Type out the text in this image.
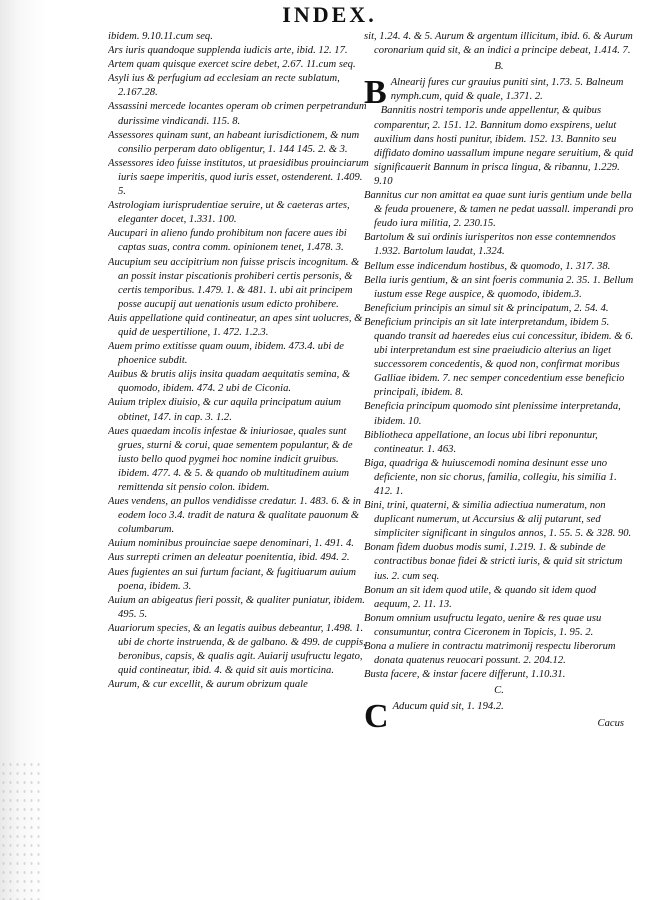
INDEX.

ibidem. 9.10.11.cum seq.

Ars iuris quandoque supplenda iudicis arte, ibid. 12. 17.

Artem quam quisque exercet scire debet, 2.67. 11.cum seq.

Asyli ius & perfugium ad ecclesiam an recte sublatum, 2.167.28.

Assassini mercede locantes operam ob crimen perpetrandum durissime vindicandi. 115. 8.

Assessores quinam sunt, an habeant iurisdictionem, & num consilio perperam dato obligentur, 1. 144 145. 2. & 3.

Assessores ideo fuisse institutos, ut praesidibus prouinciarum iuris saepe imperitis, quod iuris esset, ostenderent. 1.409. 5.

Astrologiam iurisprudentiae seruire, ut & caeteras artes, eleganter docet, 1.331. 100.

Aucupari in alieno fundo prohibitum non facere aues ibi captas suas, contra comm. opinionem tenet, 1.478. 3.

Aucupium seu accipitrium non fuisse priscis incognitum. & an possit instar piscationis prohiberi certis personis, & certis temporibus. 1.479. 1. & 481. 1. ubi ait principem posse aucupij aut uenationis usum edicto prohibere.

Auis appellatione quid contineatur, an apes sint uolucres, & quid de uespertilione, 1. 472. 1.2.3.

Auem primo extitisse quam ouum, ibidem. 473.4. ubi de phoenice subdit.

Auibus & brutis alijs insita quadam aequitatis semina, & quomodo, ibidem. 474. 2 ubi de Ciconia.

Auium triplex diuisio, & cur aquila principatum auium obtinet, 147. in cap. 3. 1.2.

Aues quaedam incolis infestae & iniuriosae, quales sunt grues, sturni & corui, quae sementem populantur, & de iusto bello quod pygmei hoc nomine indicit gruibus. ibidem. 477. 4. & 5. & quando ob multitudinem auium remittenda sit pensio colon. ibidem.

Aues vendens, an pullos vendidisse credatur. 1. 483. 6. & in eodem loco 3.4. tradit de natura & qualitate pauonum & columbarum.

Auium nominibus prouinciae saepe denominari, 1. 491. 4.

Aus surrepti crimen an deleatur poenitentia, ibid. 494. 2.

Aues fugientes an sui furtum faciant, & fugitiuarum auium poena, ibidem. 3.

Auium an abigeatus fieri possit, & qualiter puniatur, ibidem. 495. 5.

Auariorum species, & an legatis auibus debeantur, 1.498. 1. ubi de chorte instruenda, & de galbano. & 499. de cuppis, beronibus, capsis, & qualis agit. Auiarij usufructu legato, quid contineatur, ibid. 4. & quid sit auis morticina.

Aurum, & cur excellit, & aurum obrizum quale

sit, 1.24. 4. & 5. Aurum & argentum illicitum, ibid. 6. & Aurum coronarium quid sit, & an indici a principe debeat, 1.414. 7.

B.

B Alnearij fures cur grauius puniti sint, 1.73. 5. Balneum nymph.cum, quid & quale, 1.371. 2.

Bannitis nostri temporis unde appellentur, & quibus comparentur, 2. 151. 12. Bannitum domo exspirens, uelut auxilium dans hosti punitur, ibidem. 152. 13. Bannito seu diffidato domino uassallum impune negare seruitium, & quid significauerit Bannum in prisca lingua, & ribannu, 1.229. 9.10

Bannitus cur non amittat ea quae sunt iuris gentium unde bella & feuda prouenere, & tamen ne pedat uassall. imperandi pro feudo iura militia, 2. 230.15.

Bartolum & sui ordinis iurisperitos non esse contemnendos 1.932. Bartolum laudat, 1.324.

Bellum esse indicendum hostibus, & quomodo, 1. 317. 38.

Bella iuris gentium, & an sint foeris communia 2. 35. 1. Bellum iustum esse Rege auspice, & quomodo, ibidem.3.

Beneficium principis an simul sit & principatum, 2. 54. 4.

Beneficium principis an sit late interpretandum, ibidem 5. quando transit ad haeredes eius cui concessitur, ibidem. & 6. ubi interpretandum est sine praeiudicio alterius an liget successorem concedentis, & quod non, confirmat moribus Galliae ibidem. 7. nec semper concedentium esse beneficio principali, ibidem. 8.

Beneficia principum quomodo sint plenissime interpretanda, ibidem. 10.

Bibliotheca appellatione, an locus ubi libri reponuntur, contineatur. 1. 463.

Biga, quadriga & huiuscemodi nomina desinunt esse uno deficiente, non sic chorus, familia, collegiu, his similia 1. 412. 1.

Bini, trini, quaterni, & similia adiectiua numeratum, non duplicant numerum, ut Accursius & alij putarunt, sed simpliciter significant in singulos annos, 1. 55. 5. & 328. 90.

Bonam fidem duobus modis sumi, 1.219. 1. & subinde de contractibus bonae fidei & stricti iuris, & quid sit strictum ius. 2. cum seq.

Bonum an sit idem quod utile, & quando sit idem quod aequum, 2. 11. 13.

Bonum omnium usufructu legato, uenire & res quae usu consumuntur, contra Ciceronem in Topicis, 1. 95. 2.

Bona a muliere in contractu matrimonij respectu liberorum donata quatenus reuocari possunt. 2. 204.12.

Busta facere, & instar facere differunt, 1.10.31.

C.

C Aducum quid sit, 1. 194.2.

Cacus
